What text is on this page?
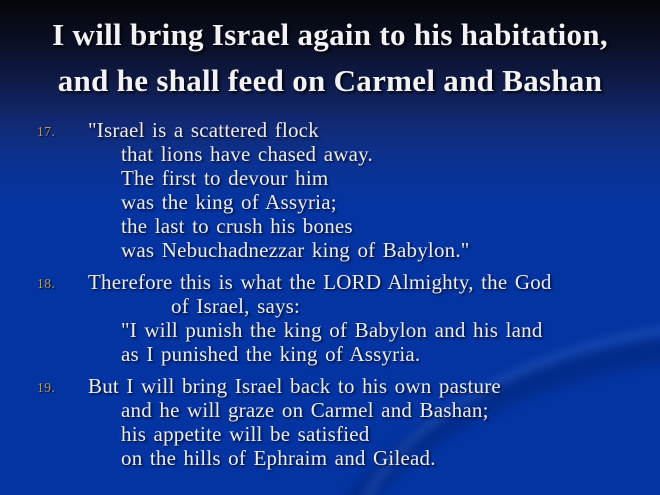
I will bring Israel again to his habitation,
and he shall feed on Carmel and Bashan
17. "Israel is a scattered flock
that lions have chased away.
The first to devour him
was the king of Assyria;
the last to crush his bones
was Nebuchadnezzar king of Babylon."
18. Therefore this is what the LORD Almighty, the God
of Israel, says:
"I will punish the king of Babylon and his land
as I punished the king of Assyria.
19. But I will bring Israel back to his own pasture
and he will graze on Carmel and Bashan;
his appetite will be satisfied
on the hills of Ephraim and Gilead.
